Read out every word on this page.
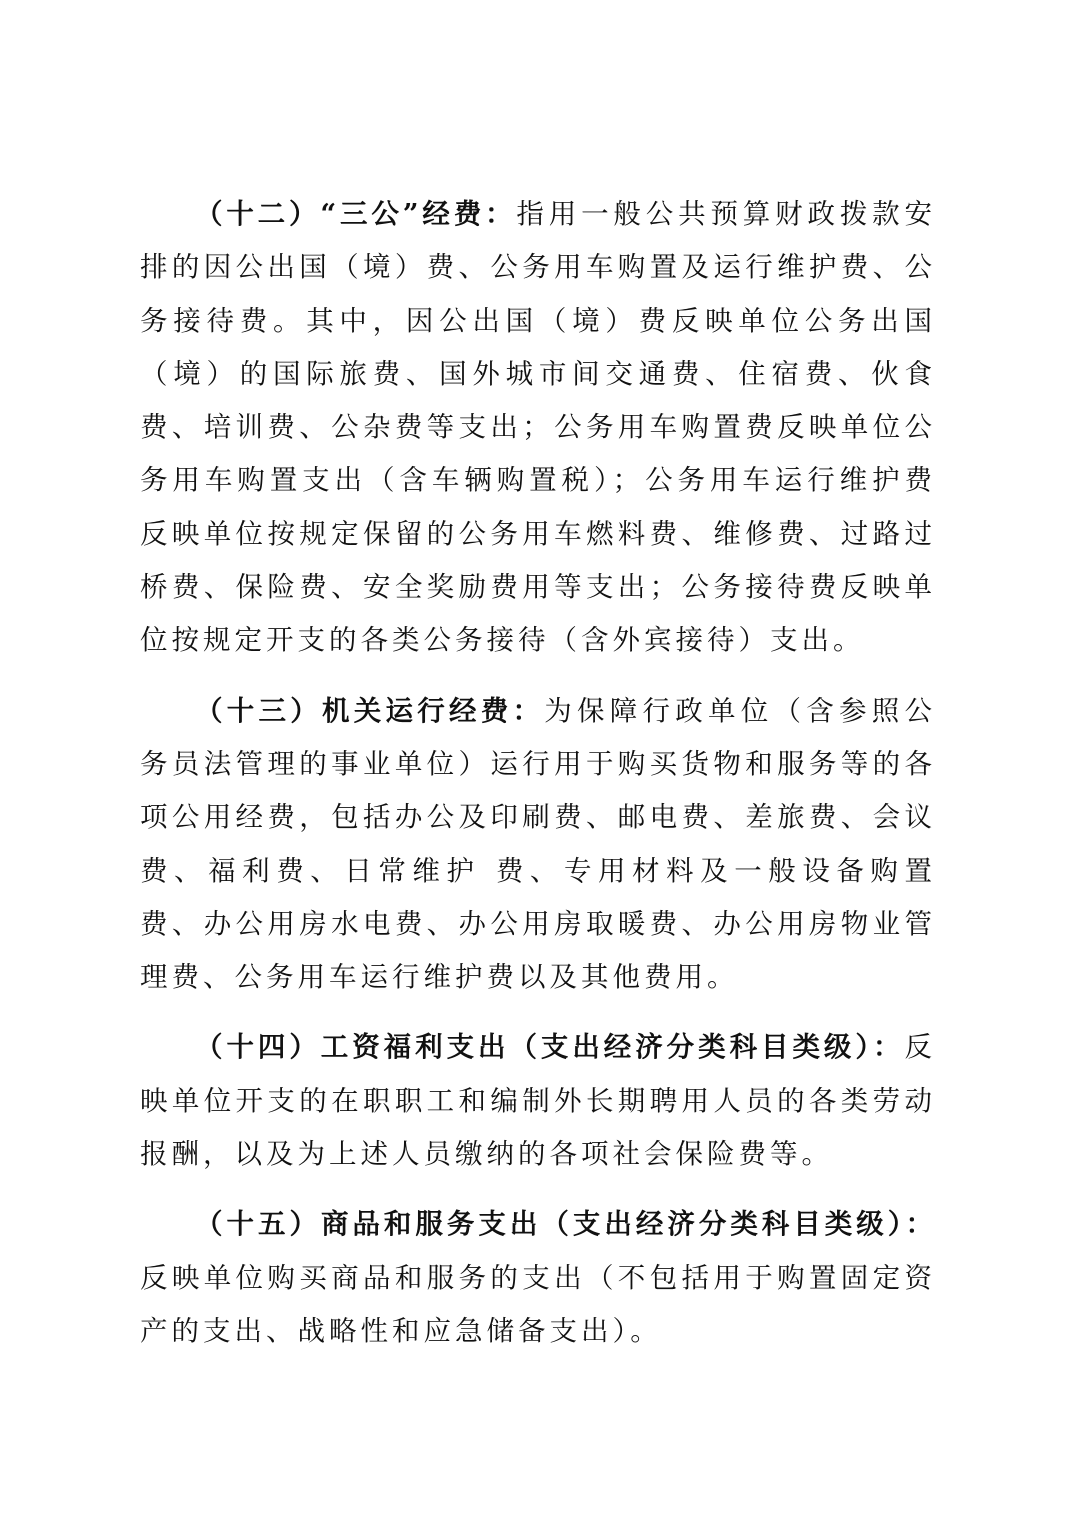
（十二）“三公”经费：指用一般公共预算财政拨款安排的因公出国（境）费、公务用车购置及运行维护费、公务接待费。其中，因公出国（境）费反映单位公务出国（境）的国际旅费、国外城市间交通费、住宿费、伙食费、培训费、公杂费等支出；公务用车购置费反映单位公务用车购置支出（含车辆购置税）；公务用车运行维护费反映单位按规定保留的公务用车燃料费、维修费、过路过桥费、保险费、安全奖励费用等支出；公务接待费反映单位按规定开支的各类公务接待（含外宾接待）支出。

（十三）机关运行经费：为保障行政单位（含参照公务员法管理的事业单位）运行用于购买货物和服务等的各项公用经费，包括办公及印刷费、邮电费、差旅费、会议费、福利费、日常维护 费、专用材料及一般设备购置费、办公用房水电费、办公用房取暖费、办公用房物业管理费、公务用车运行维护费以及其他费用。

（十四）工资福利支出（支出经济分类科目类级）：反映单位开支的在职职工和编制外长期聘用人员的各类劳动报酬，以及为上述人员缴纳的各项社会保险费等。

（十五）商品和服务支出（支出经济分类科目类级）：反映单位购买商品和服务的支出（不包括用于购置固定资产的支出、战略性和应急储备支出）。
